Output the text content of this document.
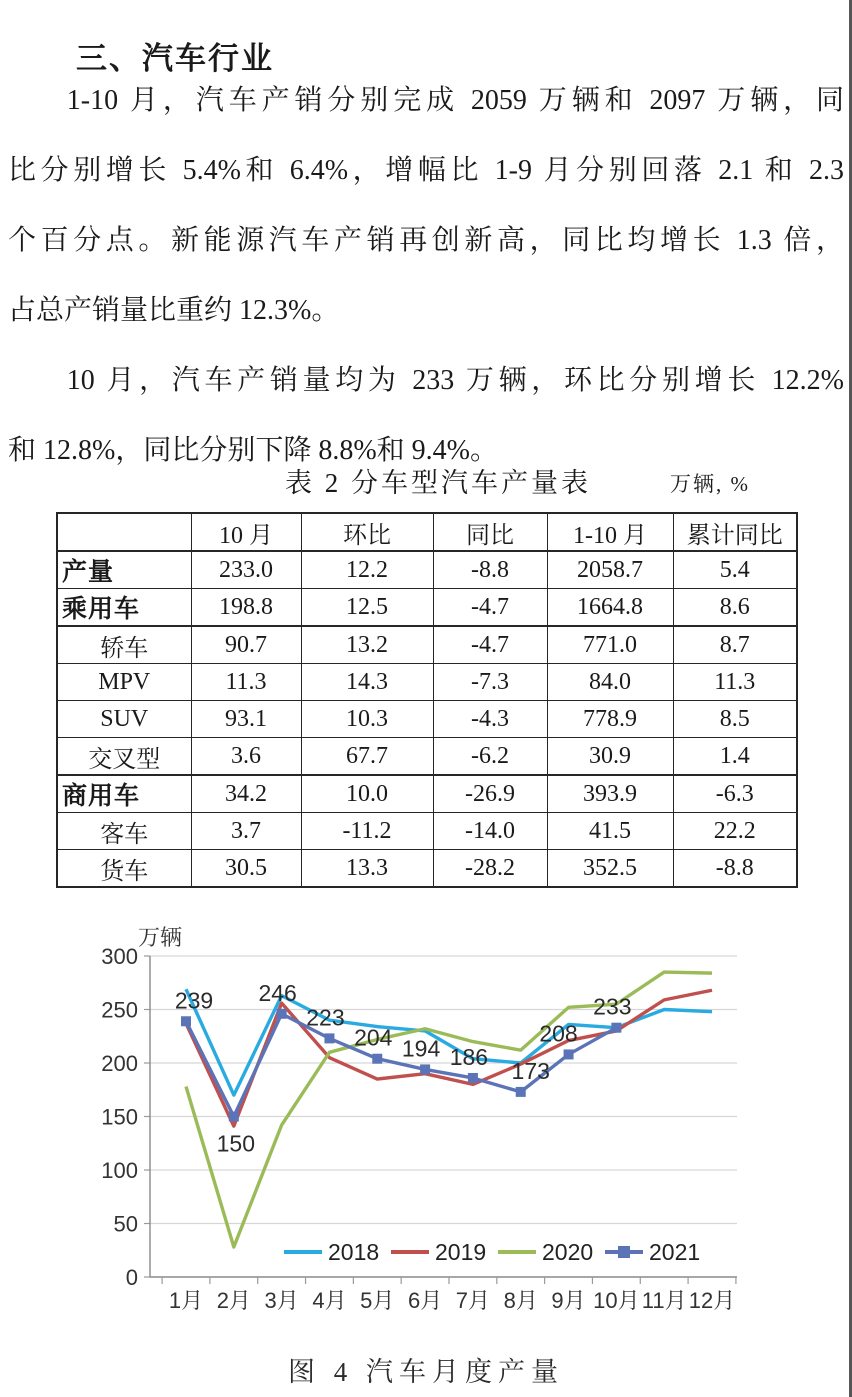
三、汽车行业
1-10 月，汽车产销分别完成 2059 万辆和 2097 万辆，同
比分别增长 5.4%和 6.4%，增幅比 1-9 月分别回落 2.1 和 2.3
个百分点。新能源汽车产销再创新高，同比均增长 1.3 倍，
占总产销量比重约 12.3%。
10 月，汽车产销量均为 233 万辆，环比分别增长 12.2%
和 12.8%，同比分别下降 8.8%和 9.4%。
表 2 分车型汽车产量表	万辆, %
	10 月	环比	同比	1-10 月	累计同比
产量	233.0	12.2	-8.8	2058.7	5.4
乘用车	198.8	12.5	-4.7	1664.8	8.6
轿车	90.7	13.2	-4.7	771.0	8.7
MPV	11.3	14.3	-7.3	84.0	11.3
SUV	93.1	10.3	-4.3	778.9	8.5
交叉型	3.6	67.7	-6.2	30.9	1.4
商用车	34.2	10.0	-26.9	393.9	-6.3
客车	3.7	-11.2	-14.0	41.5	22.2
货车	30.5	13.3	-28.2	352.5	-8.8
0
50
100
150
200
250
300
1月 2月 3月 4月 5月 6月 7月 8月 9月 10月 11月 12月
万辆
239
150
246
223
204 194 186
173
208
233
2018 2019 2020 2021
图 4 汽车月度产量
